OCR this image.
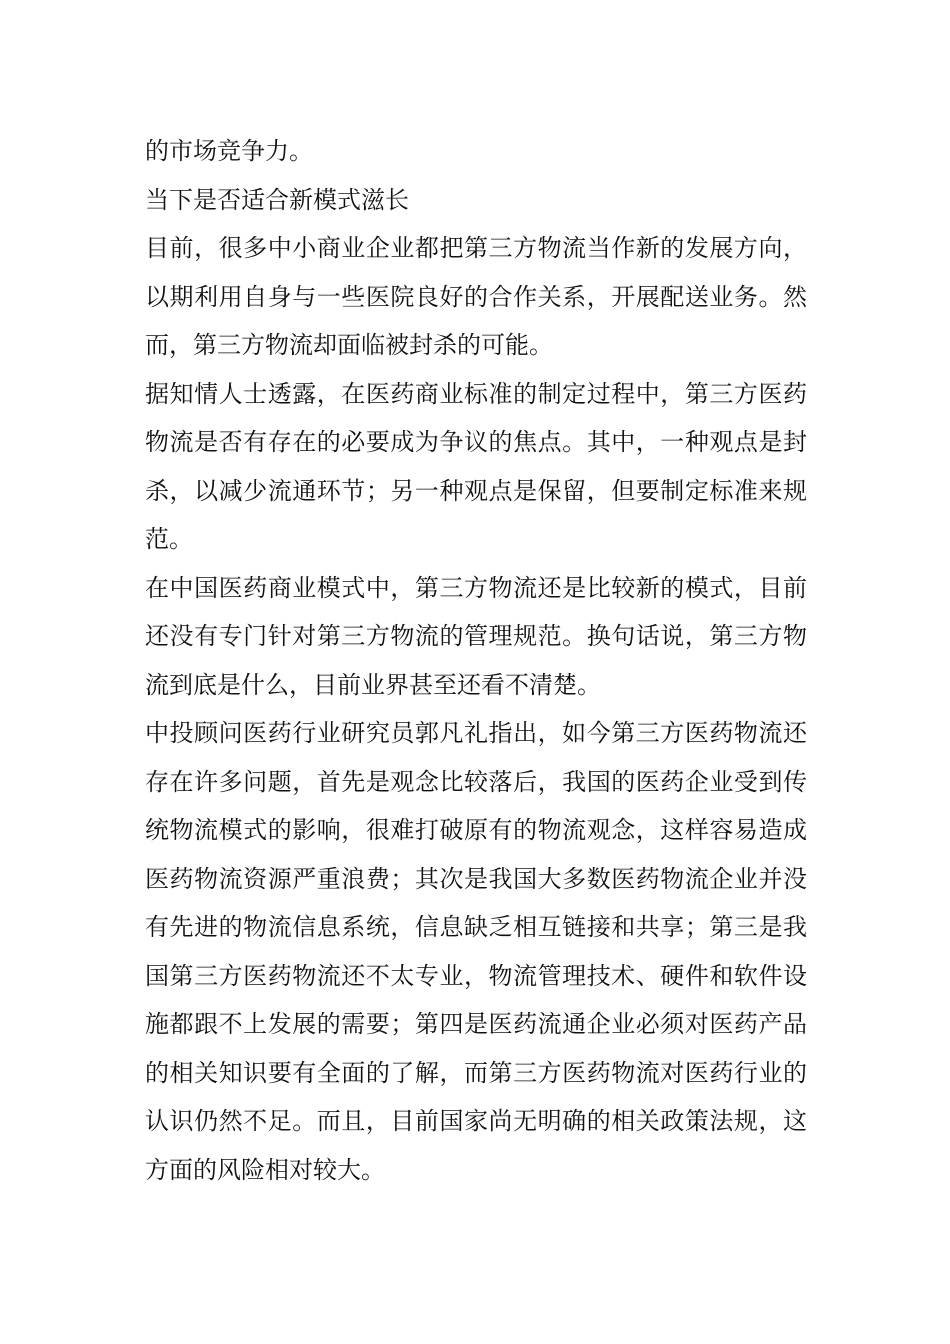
的市场竞争力。

当下是否适合新模式滋长

目前，很多中小商业企业都把第三方物流当作新的发展方向，以期利用自身与一些医院良好的合作关系，开展配送业务。然而，第三方物流却面临被封杀的可能。

据知情人士透露，在医药商业标准的制定过程中，第三方医药物流是否有存在的必要成为争议的焦点。其中，一种观点是封杀，以减少流通环节；另一种观点是保留，但要制定标准来规范。

在中国医药商业模式中，第三方物流还是比较新的模式，目前还没有专门针对第三方物流的管理规范。换句话说，第三方物流到底是什么，目前业界甚至还看不清楚。

中投顾问医药行业研究员郭凡礼指出，如今第三方医药物流还存在许多问题，首先是观念比较落后，我国的医药企业受到传统物流模式的影响，很难打破原有的物流观念，这样容易造成医药物流资源严重浪费；其次是我国大多数医药物流企业并没有先进的物流信息系统，信息缺乏相互链接和共享；第三是我国第三方医药物流还不太专业，物流管理技术、硬件和软件设施都跟不上发展的需要；第四是医药流通企业必须对医药产品的相关知识要有全面的了解，而第三方医药物流对医药行业的认识仍然不足。而且，目前国家尚无明确的相关政策法规，这方面的风险相对较大。
